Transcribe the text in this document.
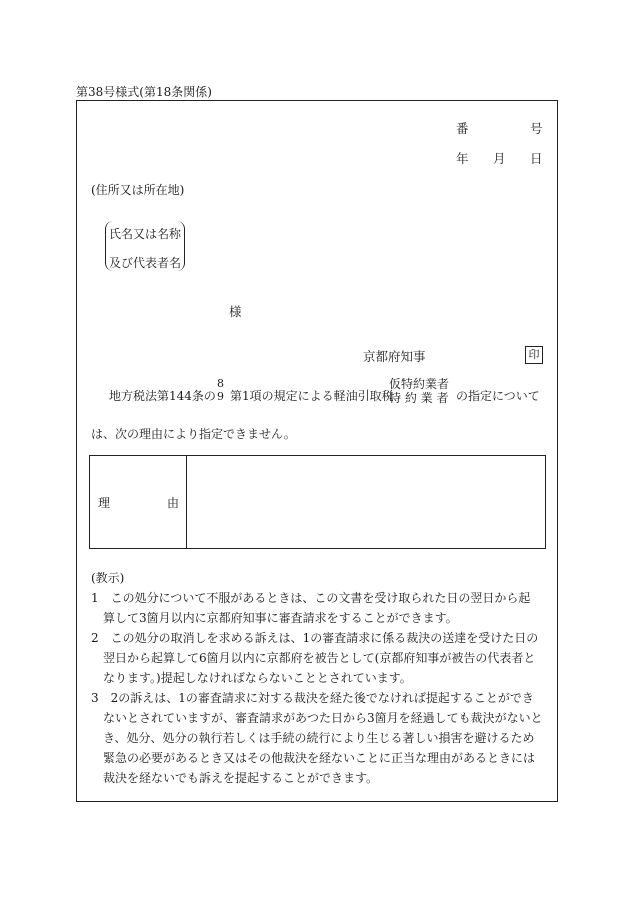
第38号様式(第18条関係)
番	号
年 月 日
(住所又は所在地)
氏名又は名称
及び代表者名
様
京都府知事	印
地方税法第144条の
8
9 第1項の規定による軽油引取税
仮特約業者
特 約 業 者 の指定について
は、次の理由により指定できません。
理	由
(教示)
1　この処分について不服があるときは、この文書を受け取られた日の翌日から起
算して3箇月以内に京都府知事に審査請求をすることができます。
2　この処分の取消しを求める訴えは、1の審査請求に係る裁決の送達を受けた日の
翌日から起算して6箇月以内に京都府を被告として(京都府知事が被告の代表者と
なります。)提起しなければならないこととされています。
3　2の訴えは、1の審査請求に対する裁決を経た後でなければ提起することができ
ないとされていますが、審査請求があつた日から3箇月を経過しても裁決がないと
き、処分、処分の執行若しくは手続の続行により生じる著しい損害を避けるため
緊急の必要があるとき又はその他裁決を経ないことに正当な理由があるときには
裁決を経ないでも訴えを提起することができます。
